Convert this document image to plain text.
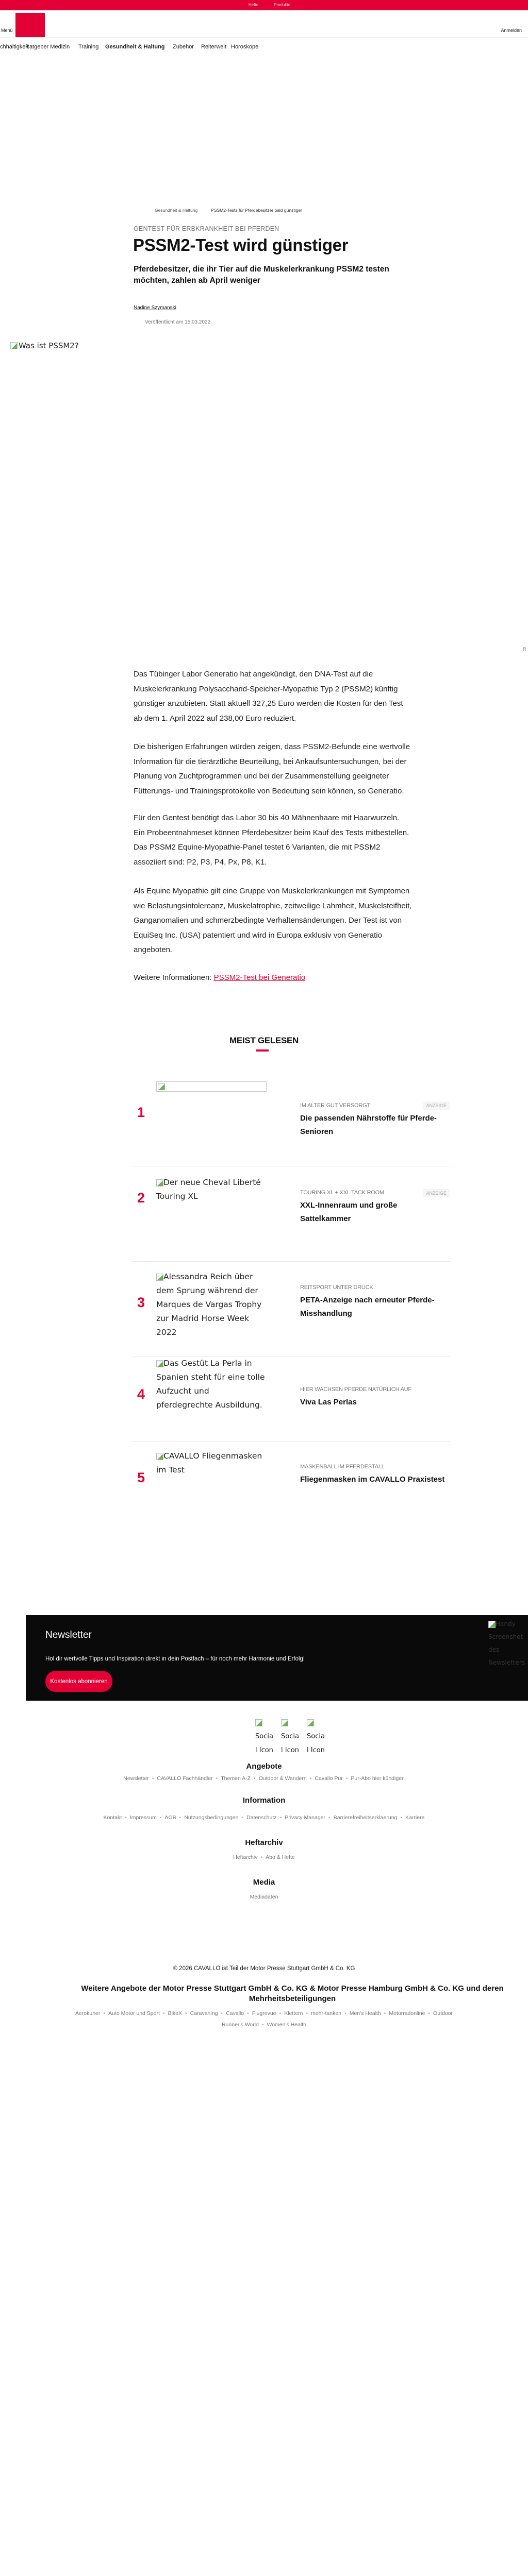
Hefte	Produkte
Menü	Anmelden
chhaltigkeit
Ratgeber Medizin Training Gesundheit & Haltung Zubehör Reiterwelt Horoskope
Gesundheit & Haltung	PSSM2-Tests für Pferdebesitzer bald günstiger
GENTEST FÜR ERBKRANKHEIT BEI PFERDEN
PSSM2-Test wird günstiger
Pferdebesitzer, die ihr Tier auf die Muskelerkrankung PSSM2 testen möchten, zahlen ab April weniger
Nadine Szymanski
Veröffentlicht am 15.03.2022
Was ist PSSM2?
R

Das Tübinger Labor Generatio hat angekündigt, den DNA-Test auf die Muskelerkrankung Polysaccharid-Speicher-Myopathie Typ 2 (PSSM2) künftig günstiger anzubieten. Statt aktuell 327,25 Euro werden die Kosten für den Test ab dem 1. April 2022 auf 238,00 Euro reduziert.

Die bisherigen Erfahrungen würden zeigen, dass PSSM2-Befunde eine wertvolle Information für die tierärztliche Beurteilung, bei Ankaufsuntersuchungen, bei der Planung von Zuchtprogrammen und bei der Zusammenstellung geeigneter Fütterungs- und Trainingsprotokolle von Bedeutung sein können, so Generatio.

Für den Gentest benötigt das Labor 30 bis 40 Mähnenhaare mit Haarwurzeln. Ein Probeentnahmeset können Pferdebesitzer beim Kauf des Tests mitbestellen. Das PSSM2 Equine-Myopathie-Panel testet 6 Varianten, die mit PSSM2 assoziiert sind: P2, P3, P4, Px, P8, K1.

Als Equine Myopathie gilt eine Gruppe von Muskelerkrankungen mit Symptomen wie Belastungsintolereanz, Muskelatrophie, zeitweilige Lahmheit, Muskelsteifheit, Ganganomalien und schmerzbedingte Verhaltensänderungen. Der Test ist von EquiSeq Inc. (USA) patentiert und wird in Europa exklusiv von Generatio angeboten.

Weitere Informationen: PSSM2-Test bei Generatio

MEIST GELESEN
1	IM ALTER GUT VERSORGT	ANZEIGE
Die passenden Nährstoffe für Pferde-Senioren
2
Der neue Cheval Liberté Touring XL	TOURING XL + XXL TACK ROOM	ANZEIGE
XXL-Innenraum und große Sattelkammer
3
Alessandra Reich über dem Sprung während der Marques de Vargas Trophy zur Madrid Horse Week 2022
REITSPORT UNTER DRUCK
PETA-Anzeige nach erneuter Pferde-Misshandlung
4
Das Gestüt La Perla in Spanien steht für eine tolle Aufzucht und pferdegrechte Ausbildung.
HIER WACHSEN PFERDE NATÜRLICH AUF
Viva Las Perlas
5
CAVALLO Fliegenmasken im Test	MASKENBALL IM PFERDESTALL
Fliegenmasken im CAVALLO Praxistest
Newsletter
Hol dir wertvolle Tipps und Inspiration direkt in dein Postfach – für noch mehr Harmonie und Erfolg!
Kostenlos abonnieren
Handy Screenshot des Newsletters

Social Icon

Social Icon

Social Icon
Angebote
Newsletter • CAVALLO Fachhändler • Themen A-Z • Outdoor & Wandern • Cavallo Pur • Pur-Abo hier kündigen
Information
Kontakt • Impressum • AGB • Nutzungsbedingungen • Datenschutz • Privacy Manager • Barrierefreiheitserklaerung • Karriere
Heftarchiv
Heftarchiv • Abo & Hefte
Media
Mediadaten
© 2026 CAVALLO ist Teil der Motor Presse Stuttgart GmbH & Co. KG
Weitere Angebote der Motor Presse Stuttgart GmbH & Co. KG & Motor Presse Hamburg GmbH & Co. KG und deren Mehrheitsbeteiligungen
Aerokurier • Auto Motor und Sport • BikeX • Caravaning • Cavallo • Flugrevue • Klettern • mehr-tanken • Men's Health • Motorradonline • Outdoor
Runner's World • Women's Health
